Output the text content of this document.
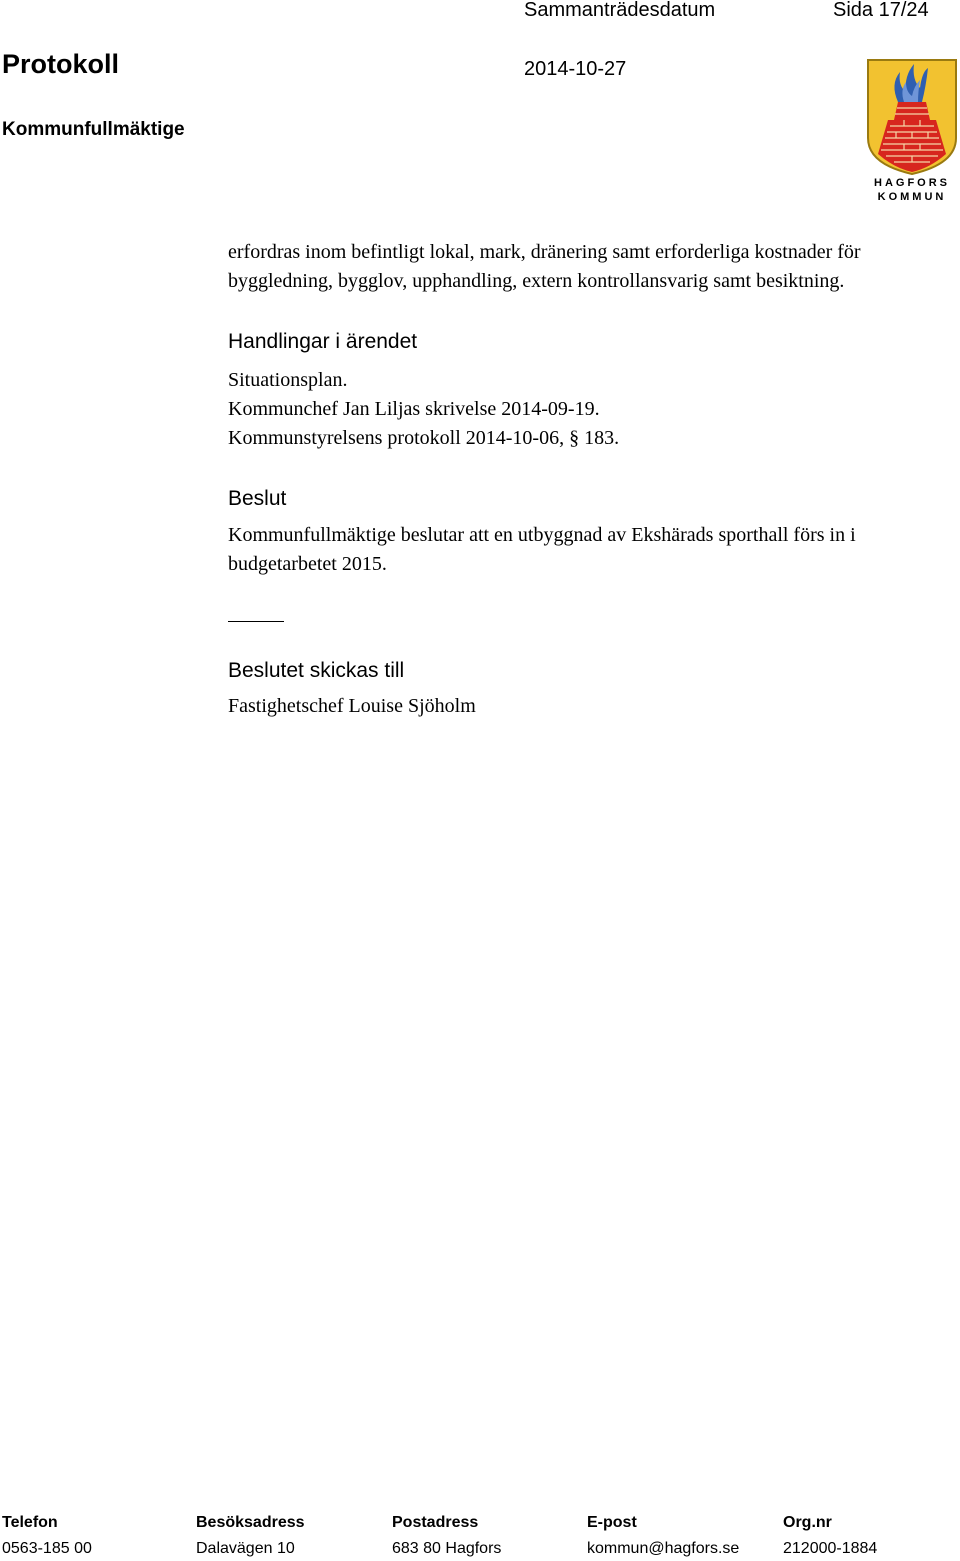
Sammanträdesdatum	Sida 17/24
Protokoll	2014-10-27
Kommunfullmäktige
HAGFORS
KOMMUN
erfordras inom befintligt lokal, mark, dränering samt erforderliga kostnader för
byggledning, bygglov, upphandling, extern kontrollansvarig samt besiktning.
Handlingar i ärendet
Situationsplan.
Kommunchef Jan Liljas skrivelse 2014-09-19.
Kommunstyrelsens protokoll 2014-10-06, § 183.
Beslut
Kommunfullmäktige beslutar att en utbyggnad av Ekshärads sporthall förs in i
budgetarbetet 2015.
Beslutet skickas till
Fastighetschef Louise Sjöholm
Telefon
0563-185 00
Besöksadress
Dalavägen 10
Postadress
683 80 Hagfors
E-post
kommun@hagfors.se
Org.nr
212000-1884
